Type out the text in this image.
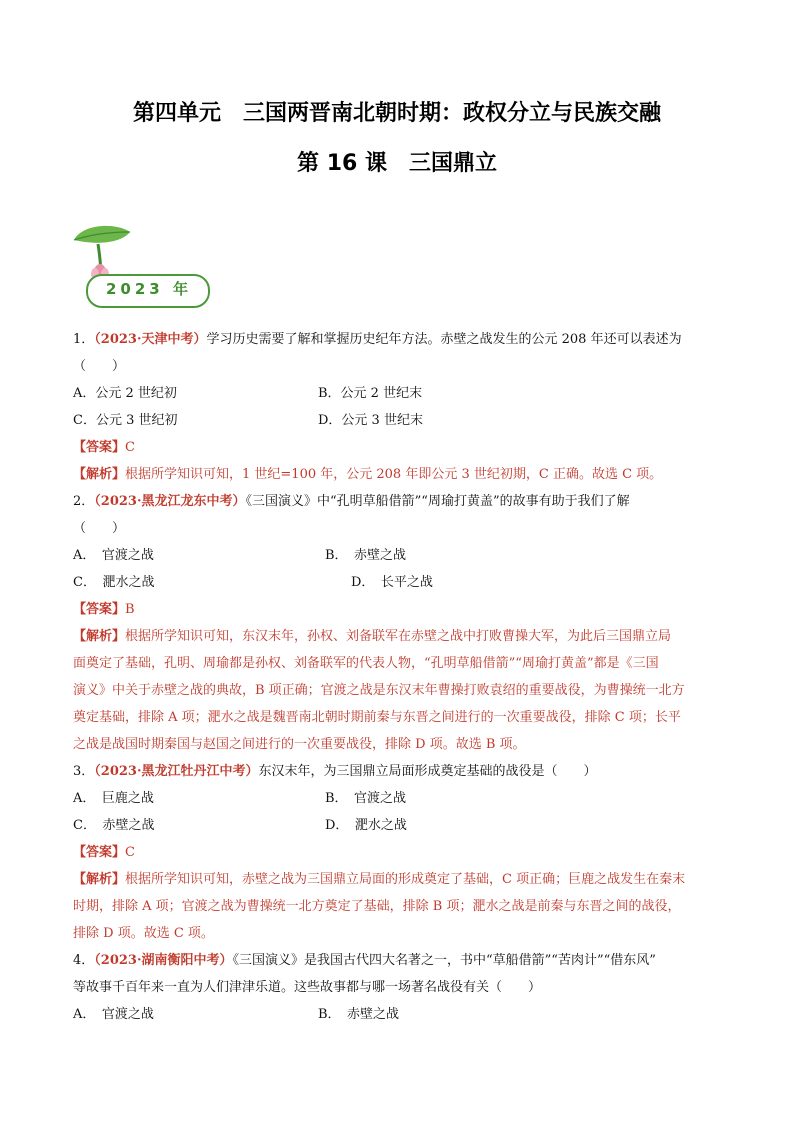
第四单元　三国两晋南北朝时期：政权分立与民族交融
第 16 课　三国鼎立
2023 年
1．（2023·天津中考）学习历史需要了解和掌握历史纪年方法。赤壁之战发生的公元 208 年还可以表述为
（　　）
A．公元 2 世纪初	B．公元 2 世纪末
C．公元 3 世纪初	D．公元 3 世纪末
【答案】C
【解析】根据所学知识可知，1 世纪=100 年，公元 208 年即公元 3 世纪初期，C 正确。故选 C 项。
2．（2023·黑龙江龙东中考）《三国演义》中“孔明草船借箭”“周瑜打黄盖”的故事有助于我们了解
（　　）
A．　官渡之战	B．　赤壁之战
C．　淝水之战	D．　长平之战
【答案】B
【解析】根据所学知识可知，东汉末年，孙权、刘备联军在赤壁之战中打败曹操大军，为此后三国鼎立局
面奠定了基础，孔明、周瑜都是孙权、刘备联军的代表人物，“孔明草船借箭”“周瑜打黄盖”都是《三国
演义》中关于赤壁之战的典故，B 项正确；官渡之战是东汉末年曹操打败袁绍的重要战役，为曹操统一北方
奠定基础，排除 A 项；淝水之战是魏晋南北朝时期前秦与东晋之间进行的一次重要战役，排除 C 项；长平
之战是战国时期秦国与赵国之间进行的一次重要战役，排除 D 项。故选 B 项。
3．（2023·黑龙江牡丹江中考）东汉末年，为三国鼎立局面形成奠定基础的战役是（　　）
A．　巨鹿之战	B．　官渡之战
C．　赤壁之战	D．　淝水之战
【答案】C
【解析】根据所学知识可知，赤壁之战为三国鼎立局面的形成奠定了基础，C 项正确；巨鹿之战发生在秦末
时期，排除 A 项；官渡之战为曹操统一北方奠定了基础，排除 B 项；淝水之战是前秦与东晋之间的战役，
排除 D 项。故选 C 项。
4．（2023·湖南衡阳中考）《三国演义》是我国古代四大名著之一，书中“草船借箭”“苦肉计”“借东风”
等故事千百年来一直为人们津津乐道。这些故事都与哪一场著名战役有关（　　）
A．　官渡之战	B．　赤壁之战
